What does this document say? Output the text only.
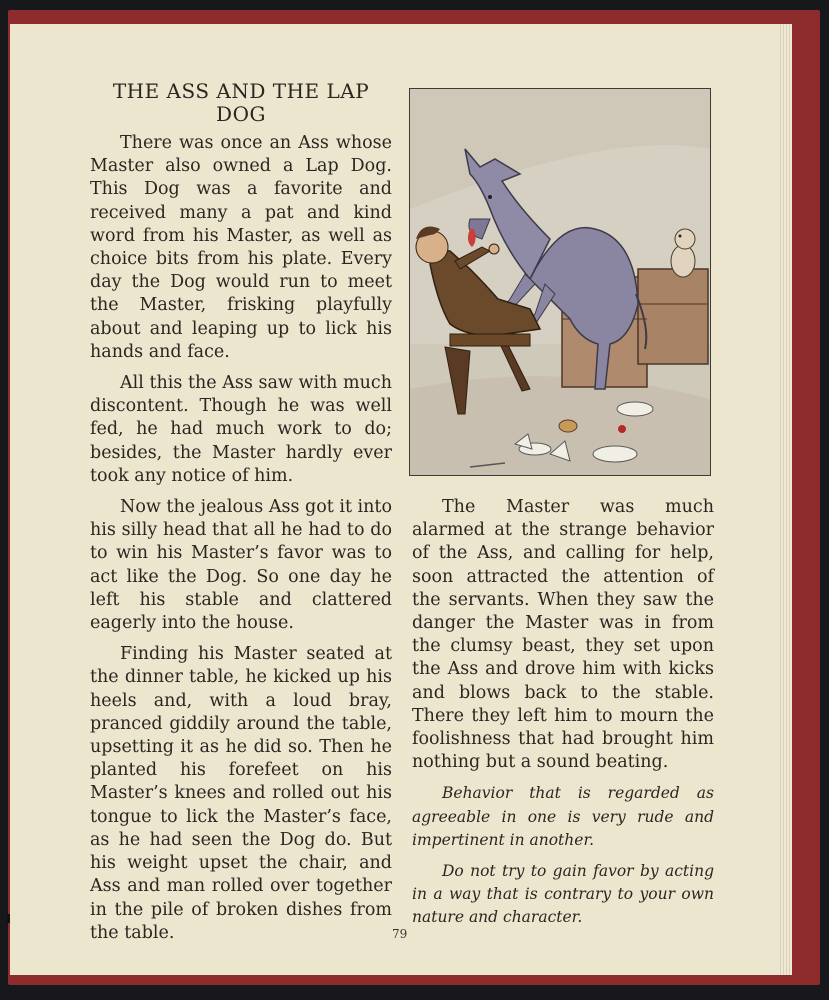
THE ASS AND THE LAP DOG

There was once an Ass whose Master also owned a Lap Dog. This Dog was a favorite and received many a pat and kind word from his Master, as well as choice bits from his plate. Every day the Dog would run to meet the Master, frisking playfully about and leaping up to lick his hands and face.

All this the Ass saw with much discontent. Though he was well fed, he had much work to do; besides, the Master hardly ever took any notice of him.

Now the jealous Ass got it into his silly head that all he had to do to win his Master’s favor was to act like the Dog. So one day he left his stable and clattered eagerly into the house.

Finding his Master seated at the dinner table, he kicked up his heels and, with a loud bray, pranced giddily around the table, upsetting it as he did so. Then he planted his forefeet on his Master’s knees and rolled out his tongue to lick the Master’s face, as he had seen the Dog do. But his weight upset the chair, and Ass and man rolled over together in the pile of broken dishes from the table.

The Master was much alarmed at the strange behavior of the Ass, and calling for help, soon attracted the attention of the servants. When they saw the danger the Master was in from the clumsy beast, they set upon the Ass and drove him with kicks and blows back to the stable. There they left him to mourn the foolishness that had brought him nothing but a sound beating.

Behavior that is regarded as agreeable in one is very rude and impertinent in another.

Do not try to gain favor by acting in a way that is contrary to your own nature and character.

79
